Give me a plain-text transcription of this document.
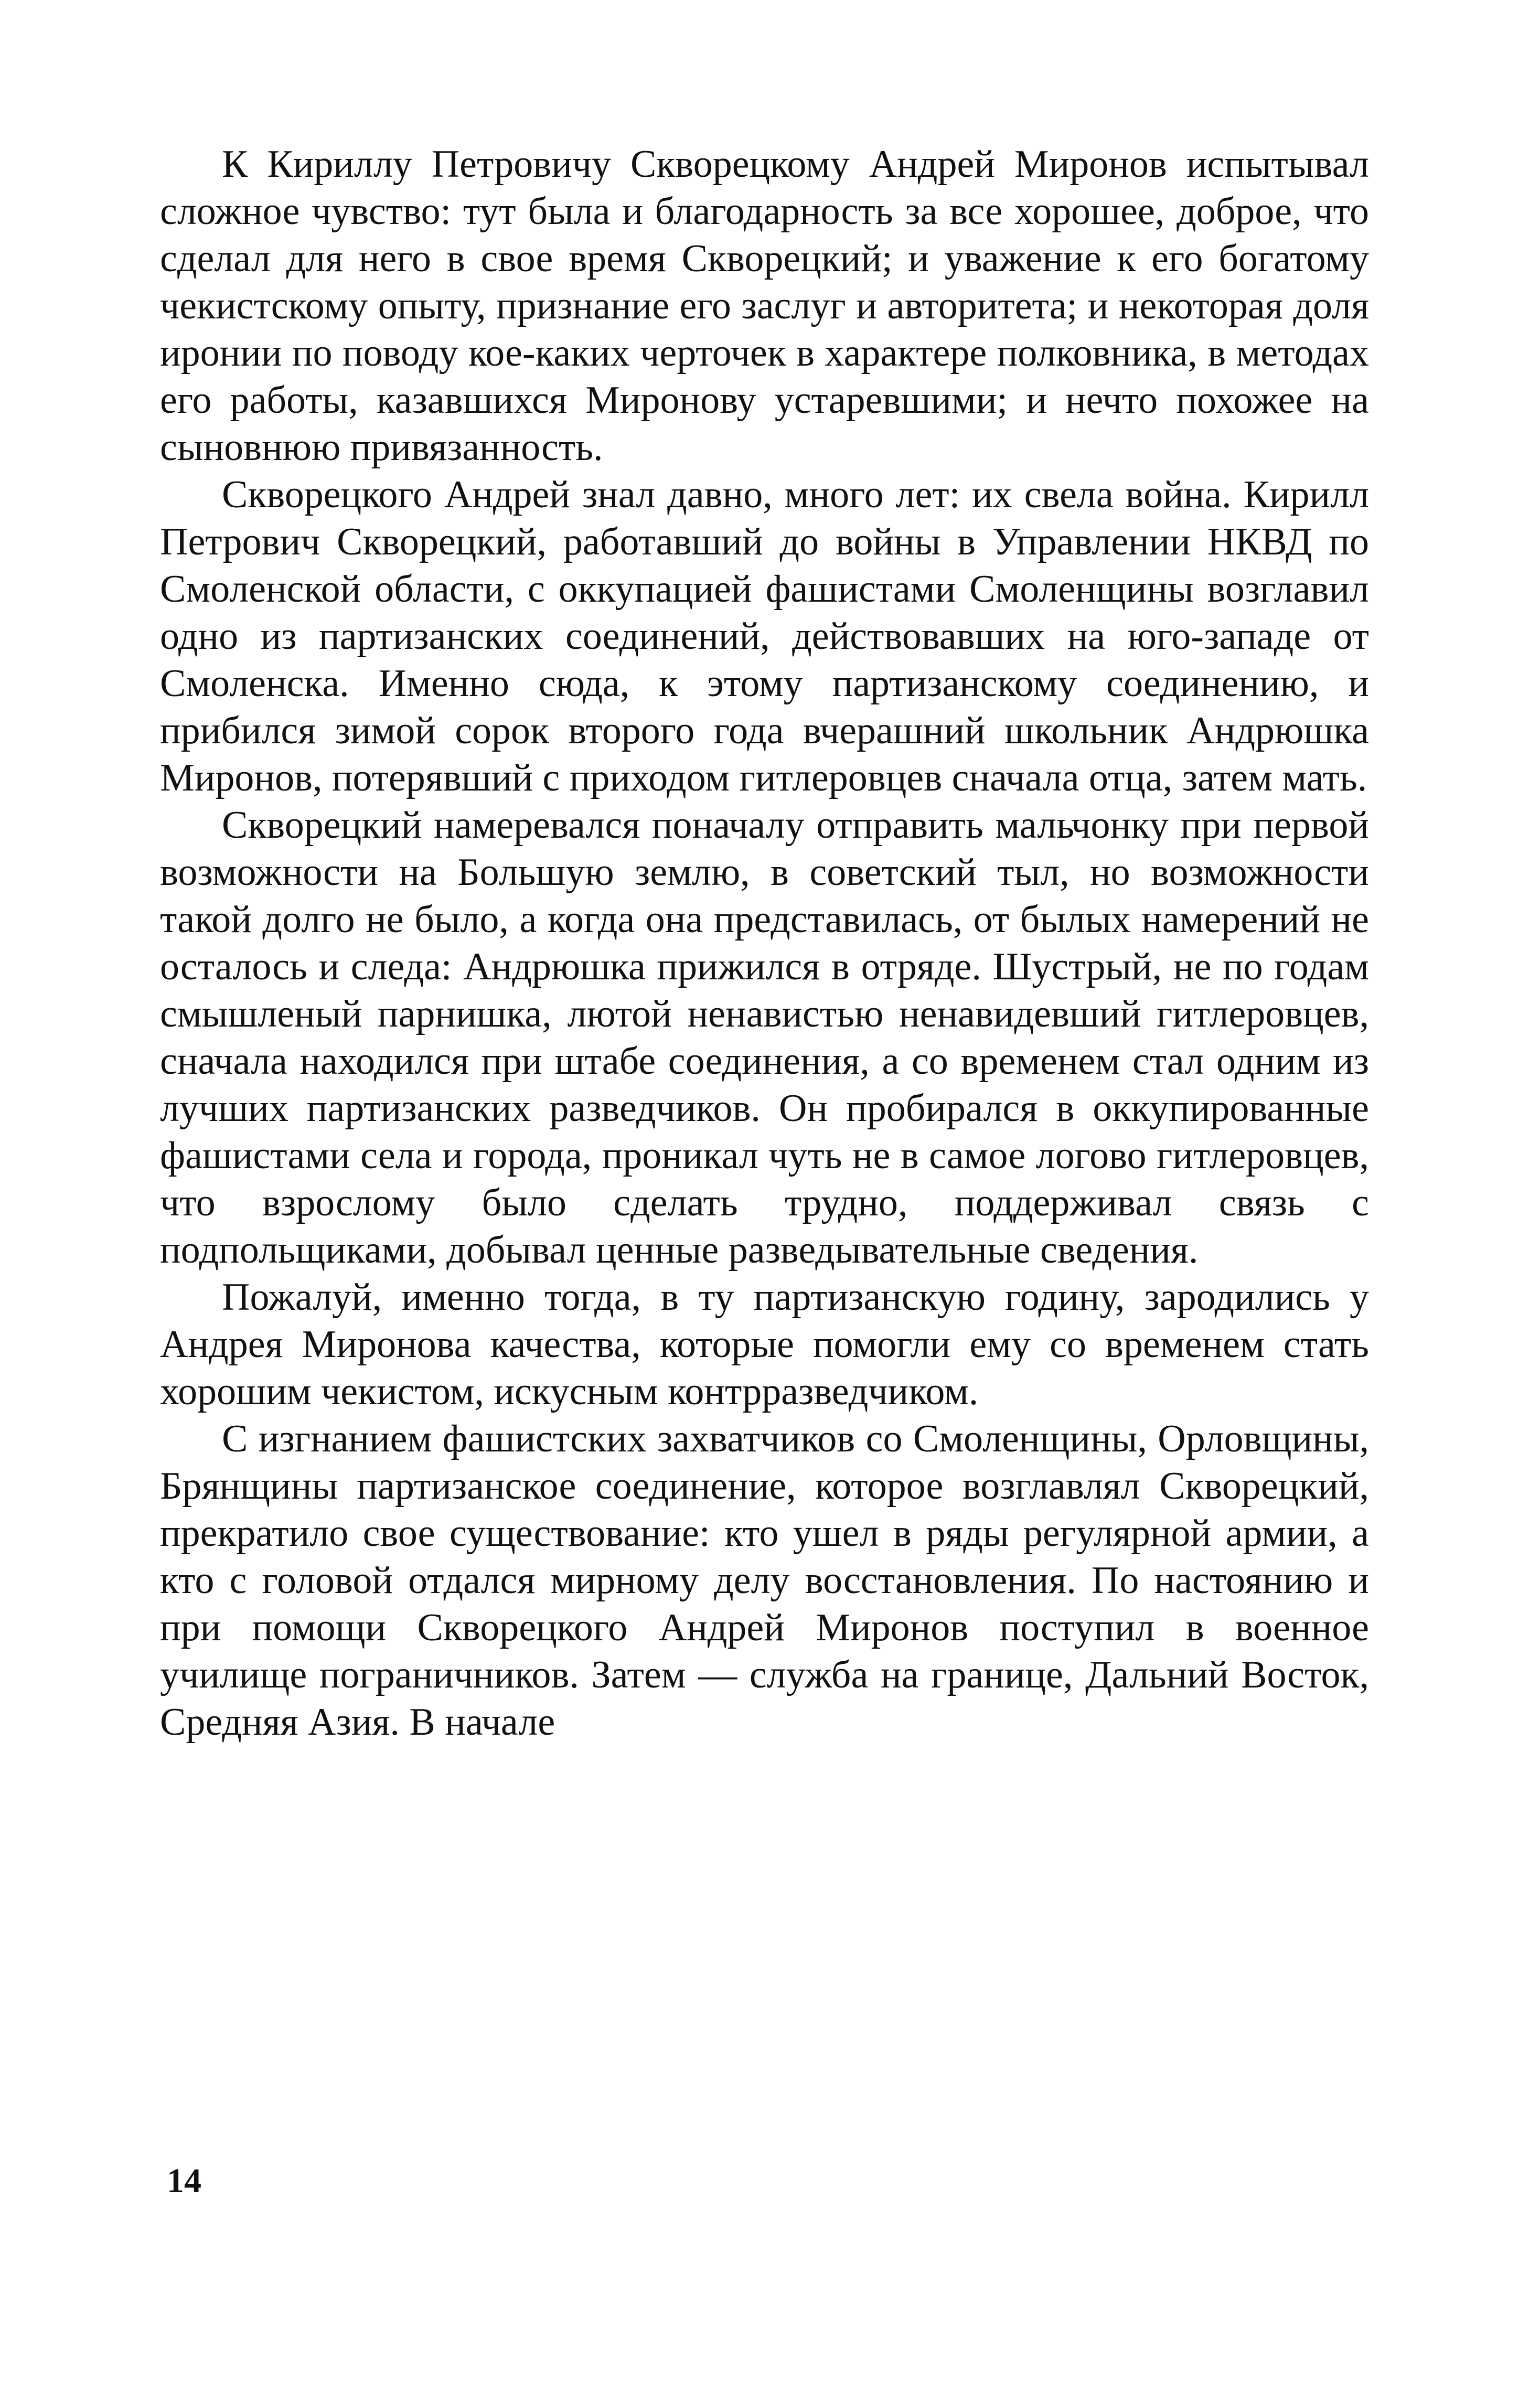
К Кириллу Петровичу Скворецкому Андрей Миронов испытывал сложное чувство: тут была и благодарность за все хорошее, доброе, что сделал для него в свое время Скворецкий; и уважение к его богатому чекистскому опыту, признание его заслуг и авторитета; и некоторая доля иронии по поводу кое-каких черточек в характере полковника, в методах его работы, казавшихся Миронову устаревшими; и нечто похожее на сыновнюю привязанность.

Скворецкого Андрей знал давно, много лет: их свела война. Кирилл Петрович Скворецкий, работавший до войны в Управлении НКВД по Смоленской области, с оккупацией фашистами Смоленщины возглавил одно из партизанских соединений, действовавших на юго-западе от Смоленска. Именно сюда, к этому партизанскому соединению, и прибился зимой сорок второго года вчерашний школьник Андрюшка Миронов, потерявший с приходом гитлеровцев сначала отца, затем мать.

Скворецкий намеревался поначалу отправить мальчонку при первой возможности на Большую землю, в советский тыл, но возможности такой долго не было, а когда она представилась, от былых намерений не осталось и следа: Андрюшка прижился в отряде. Шустрый, не по годам смышленый парнишка, лютой ненавистью ненавидевший гитлеровцев, сначала находился при штабе соединения, а со временем стал одним из лучших партизанских разведчиков. Он пробирался в оккупированные фашистами села и города, проникал чуть не в самое логово гитлеровцев, что взрослому было сделать трудно, поддерживал связь с подпольщиками, добывал ценные разведывательные сведения.

Пожалуй, именно тогда, в ту партизанскую годину, зародились у Андрея Миронова качества, которые помогли ему со временем стать хорошим чекистом, искусным контрразведчиком.

С изгнанием фашистских захватчиков со Смоленщины, Орловщины, Брянщины партизанское соединение, которое возглавлял Скворецкий, прекратило свое существование: кто ушел в ряды регулярной армии, а кто с головой отдался мирному делу восстановления. По настоянию и при помощи Скворецкого Андрей Миронов поступил в военное училище пограничников. Затем — служба на границе, Дальний Восток, Средняя Азия. В начале

14
